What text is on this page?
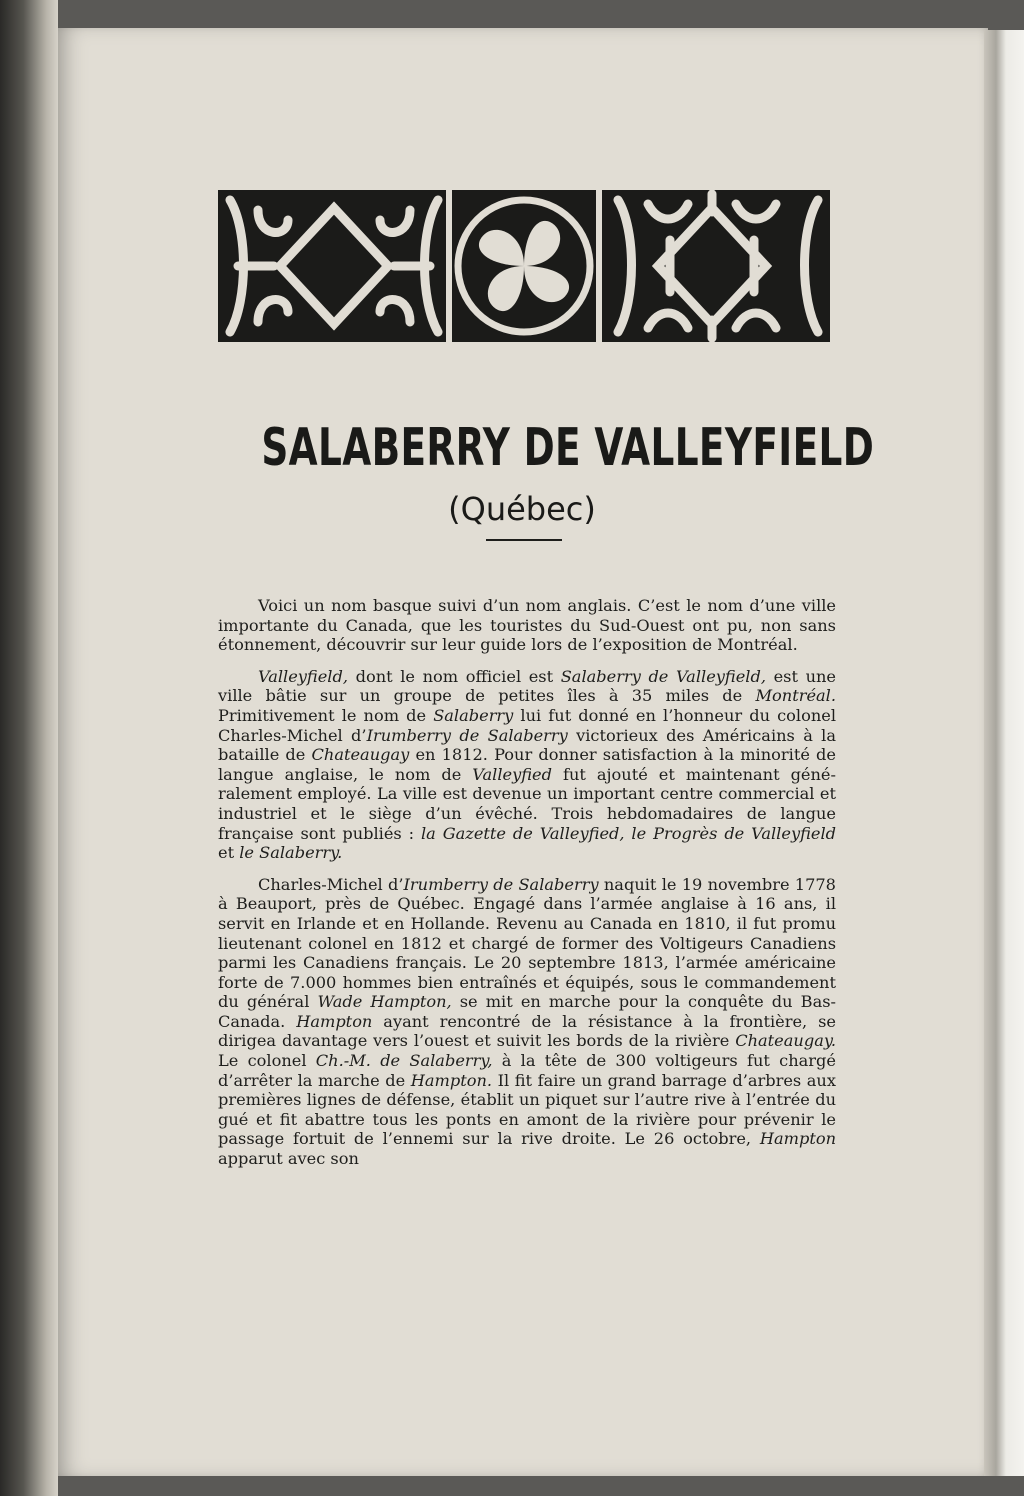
SALABERRY DE VALLEYFIELD
(Québec)

Voici un nom basque suivi d’un nom anglais. C’est le nom d’une ville importante du Canada, que les touristes du Sud-Ouest ont pu, non sans étonnement, découvrir sur leur guide lors de l’exposition de Montréal.

Valleyfield, dont le nom officiel est Salaberry de Valleyfield, est une ville bâtie sur un groupe de petites îles à 35 miles de Montréal. Primitivement le nom de Salaberry lui fut donné en l’honneur du colonel Charles-Michel d’Irumberry de Salaberry victorieux des Américains à la bataille de Chateaugay en 1812. Pour donner satisfaction à la minorité de langue anglaise, le nom de Valleyfied fut ajouté et maintenant généralement employé. La ville est devenue un important centre commercial et industriel et le siège d’un évêché. Trois hebdomadaires de langue française sont publiés : la Gazette de Valleyfied, le Progrès de Valleyfield et le Salaberry.

Charles-Michel d’Irumberry de Salaberry naquit le 19 novembre 1778 à Beauport, près de Québec. Engagé dans l’armée anglaise à 16 ans, il servit en Irlande et en Hollande. Revenu au Canada en 1810, il fut promu lieutenant colonel en 1812 et chargé de former des Voltigeurs Canadiens parmi les Canadiens français. Le 20 septembre 1813, l’armée américaine forte de 7.000 hommes bien entraînés et équipés, sous le commandement du général Wade Hampton, se mit en marche pour la conquête du Bas-Canada. Hampton ayant rencontré de la résistance à la frontière, se dirigea davantage vers l’ouest et suivit les bords de la rivière Chateaugay. Le colonel Ch.-M. de Salaberry, à la tête de 300 voltigeurs fut chargé d’arrêter la marche de Hampton. Il fit faire un grand barrage d’arbres aux premières lignes de défense, établit un piquet sur l’autre rive à l’entrée du gué et fit abattre tous les ponts en amont de la rivière pour prévenir le passage fortuit de l’ennemi sur la rive droite. Le 26 octobre, Hampton apparut avec son
